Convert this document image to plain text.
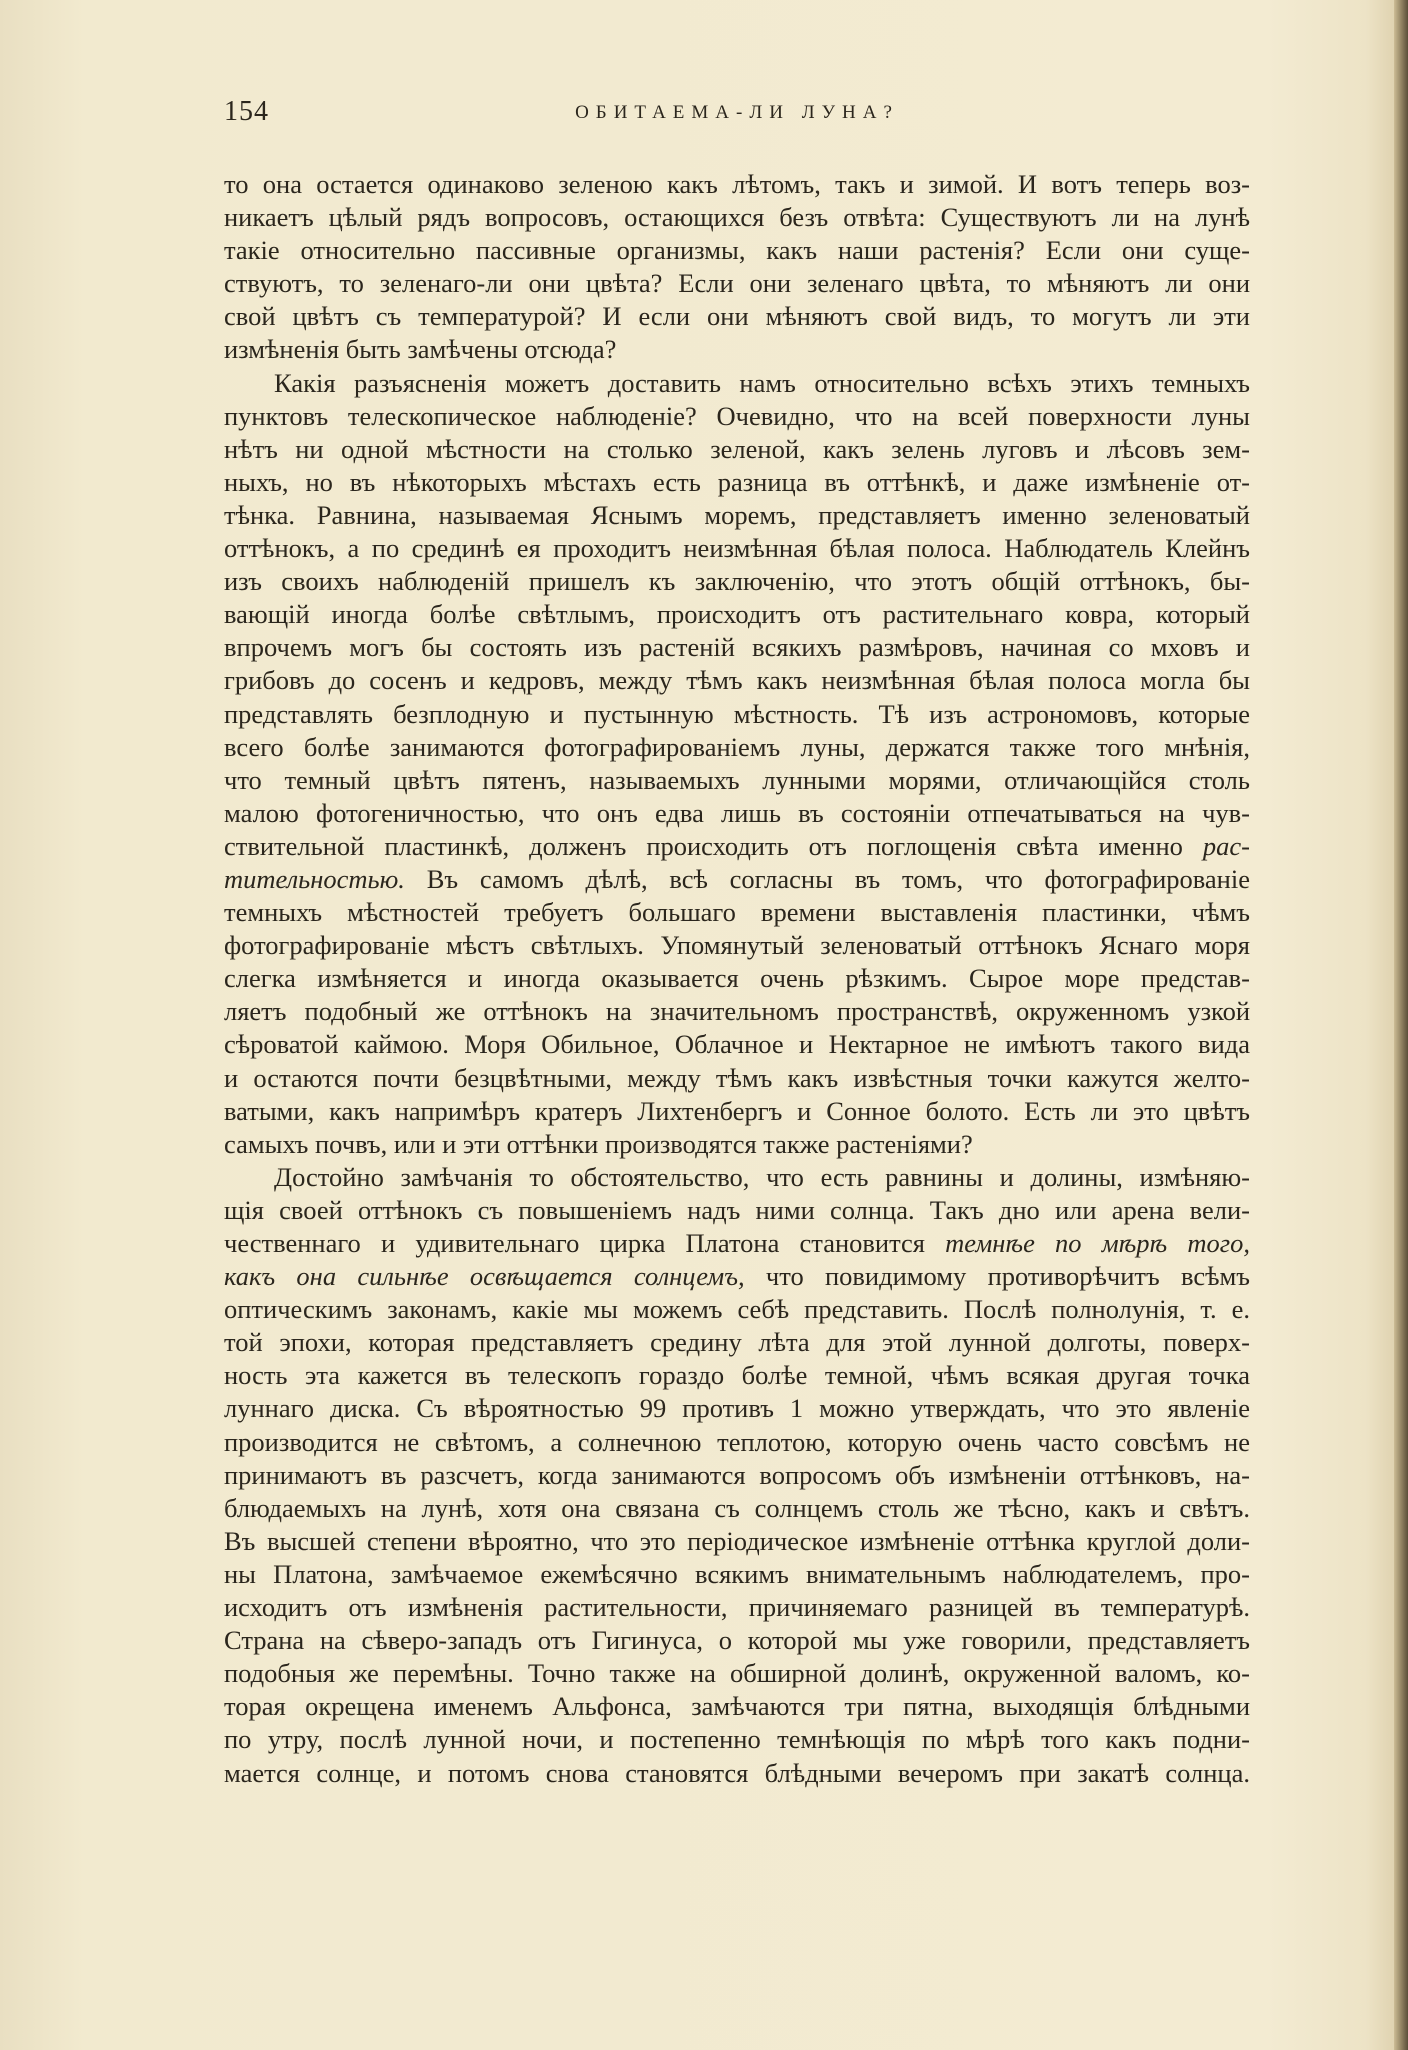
154	ОБИТАЕМА-ЛИ ЛУНА?
то она остается одинаково зеленою какъ лѣтомъ, такъ и зимой. И вотъ теперь воз-
никаетъ цѣлый рядъ вопросовъ, остающихся безъ отвѣта: Существуютъ ли на лунѣ
такіе относительно пассивные организмы, какъ наши растенія? Если они суще-
ствуютъ, то зеленаго-ли они цвѣта? Если они зеленаго цвѣта, то мѣняютъ ли они
свой цвѣтъ съ температурой? И если они мѣняютъ свой видъ, то могутъ ли эти
измѣненія быть замѣчены отсюда?
Какія разъясненія можетъ доставить намъ относительно всѣхъ этихъ темныхъ
пунктовъ телескопическое наблюденіе? Очевидно, что на всей поверхности луны
нѣтъ ни одной мѣстности на столько зеленой, какъ зелень луговъ и лѣсовъ зем-
ныхъ, но въ нѣкоторыхъ мѣстахъ есть разница въ оттѣнкѣ, и даже измѣненіе от-
тѣнка. Равнина, называемая Яснымъ моремъ, представляетъ именно зеленоватый
оттѣнокъ, а по срединѣ ея проходитъ неизмѣнная бѣлая полоса. Наблюдатель Клейнъ
изъ своихъ наблюденій пришелъ къ заключенію, что этотъ общій оттѣнокъ, бы-
вающій иногда болѣе свѣтлымъ, происходитъ отъ растительнаго ковра, который
впрочемъ могъ бы состоять изъ растеній всякихъ размѣровъ, начиная со мховъ и
грибовъ до сосенъ и кедровъ, между тѣмъ какъ неизмѣнная бѣлая полоса могла бы
представлять безплодную и пустынную мѣстность. Тѣ изъ астрономовъ, которые
всего болѣе занимаются фотографированіемъ луны, держатся также того мнѣнія,
что темный цвѣтъ пятенъ, называемыхъ лунными морями, отличающійся столь
малою фотогеничностью, что онъ едва лишь въ состояніи отпечатываться на чув-
ствительной пластинкѣ, долженъ происходить отъ поглощенія свѣта именно рас-
тительностью. Въ самомъ дѣлѣ, всѣ согласны въ томъ, что фотографированіе
темныхъ мѣстностей требуетъ большаго времени выставленія пластинки, чѣмъ
фотографированіе мѣстъ свѣтлыхъ. Упомянутый зеленоватый оттѣнокъ Яснаго моря
слегка измѣняется и иногда оказывается очень рѣзкимъ. Сырое море представ-
ляетъ подобный же оттѣнокъ на значительномъ пространствѣ, окруженномъ узкой
сѣроватой каймою. Моря Обильное, Облачное и Нектарное не имѣютъ такого вида
и остаются почти безцвѣтными, между тѣмъ какъ извѣстныя точки кажутся желто-
ватыми, какъ напримѣръ кратеръ Лихтенбергъ и Сонное болото. Есть ли это цвѣтъ
самыхъ почвъ, или и эти оттѣнки производятся также растеніями?
Достойно замѣчанія то обстоятельство, что есть равнины и долины, измѣняю-
щія своей оттѣнокъ съ повышеніемъ надъ ними солнца. Такъ дно или арена вели-
чественнаго и удивительнаго цирка Платона становится темнѣе по мѣрѣ того,
какъ она сильнѣе освѣщается солнцемъ, что повидимому противорѣчитъ всѣмъ
оптическимъ законамъ, какіе мы можемъ себѣ представить. Послѣ полнолунія, т. е.
той эпохи, которая представляетъ средину лѣта для этой лунной долготы, поверх-
ность эта кажется въ телескопъ гораздо болѣе темной, чѣмъ всякая другая точка
луннаго диска. Съ вѣроятностью 99 противъ 1 можно утверждать, что это явленіе
производится не свѣтомъ, а солнечною теплотою, которую очень часто совсѣмъ не
принимаютъ въ разсчетъ, когда занимаются вопросомъ объ измѣненіи оттѣнковъ, на-
блюдаемыхъ на лунѣ, хотя она связана съ солнцемъ столь же тѣсно, какъ и свѣтъ.
Въ высшей степени вѣроятно, что это періодическое измѣненіе оттѣнка круглой доли-
ны Платона, замѣчаемое ежемѣсячно всякимъ внимательнымъ наблюдателемъ, про-
исходитъ отъ измѣненія растительности, причиняемаго разницей въ температурѣ.
Страна на сѣверо-западъ отъ Гигинуса, о которой мы уже говорили, представляетъ
подобныя же перемѣны. Точно также на обширной долинѣ, окруженной валомъ, ко-
торая окрещена именемъ Альфонса, замѣчаются три пятна, выходящія блѣдными
по утру, послѣ лунной ночи, и постепенно темнѣющія по мѣрѣ того какъ подни-
мается солнце, и потомъ снова становятся блѣдными вечеромъ при закатѣ солнца.
